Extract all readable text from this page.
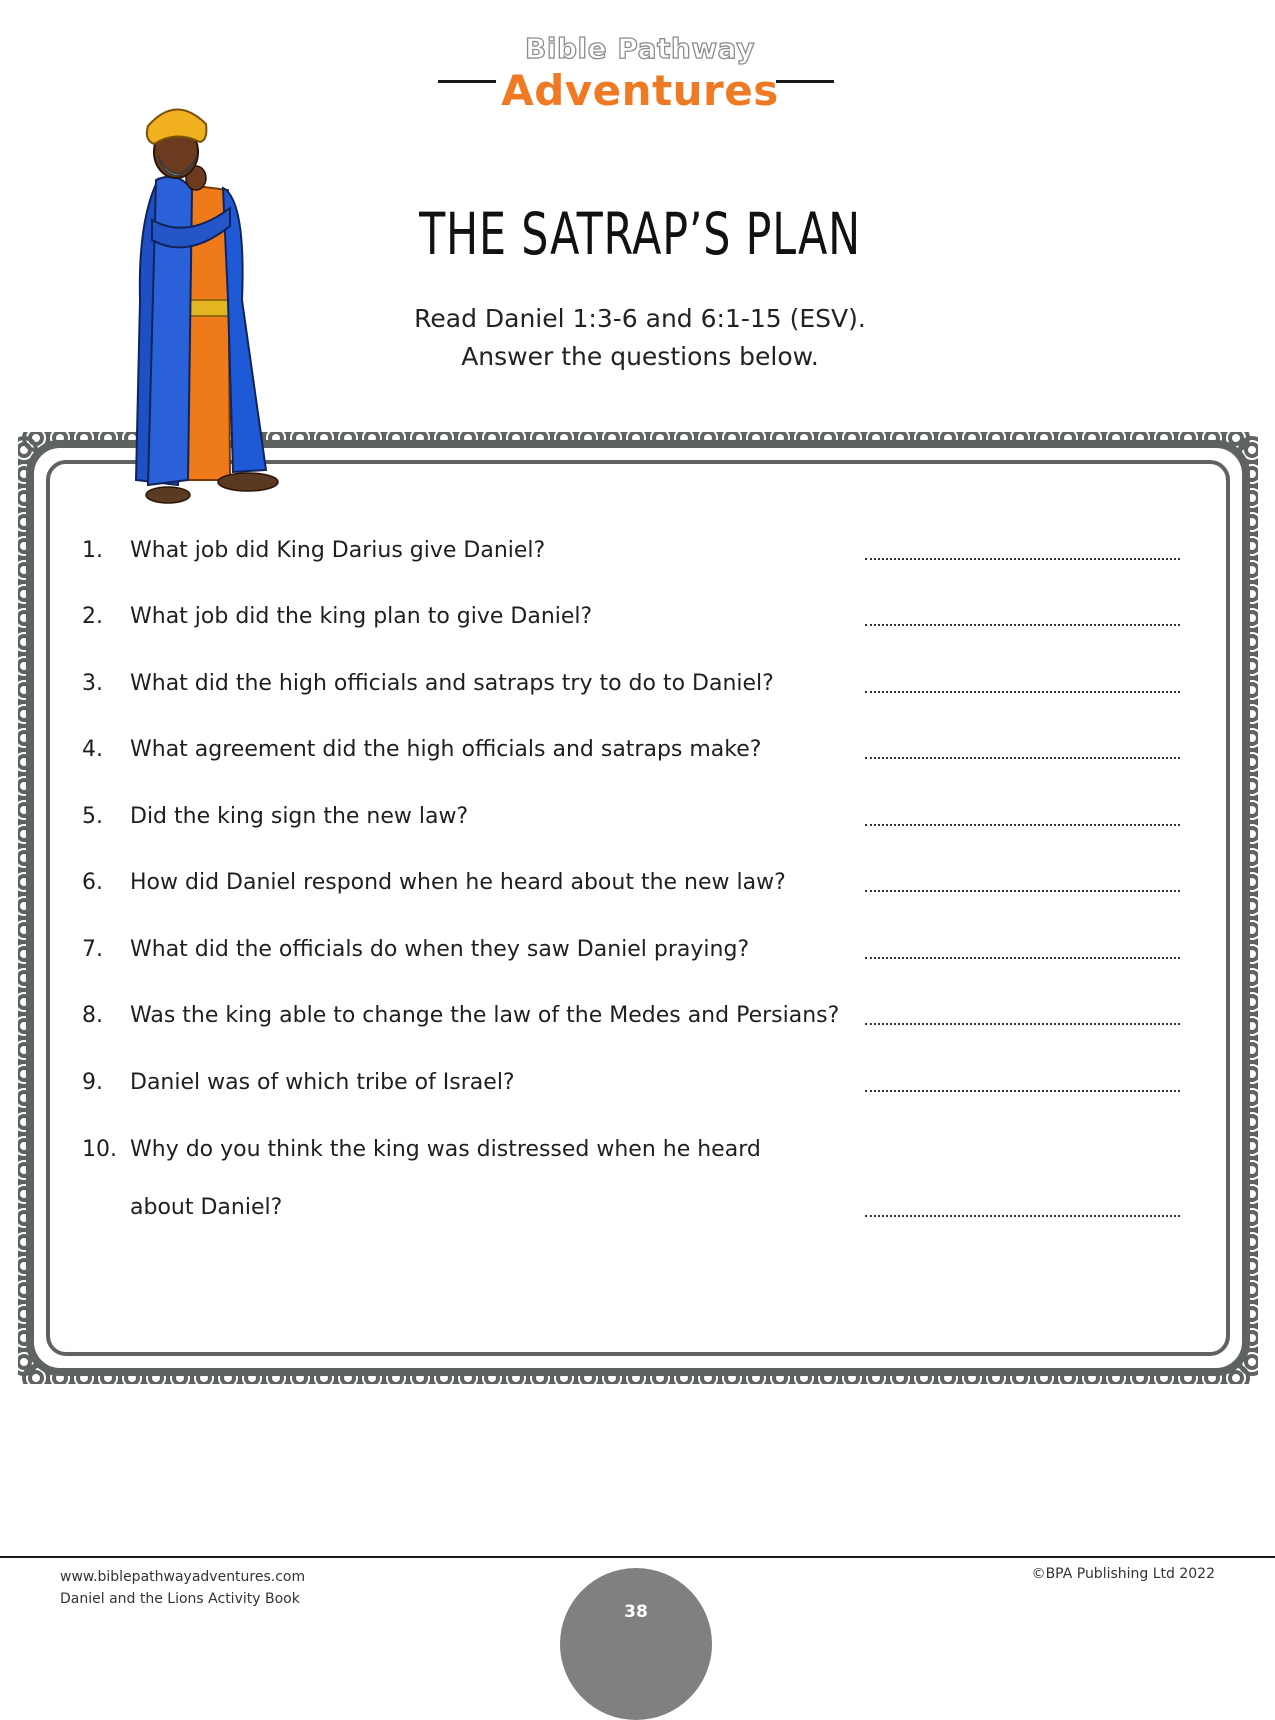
Bible Pathway
Adventures
THE SATRAP’S PLAN
Read Daniel 1:3-6 and 6:1-15 (ESV).
Answer the questions below.
1.	What job did King Darius give Daniel?
2.	What job did the king plan to give Daniel?
3.	What did the high officials and satraps try to do to Daniel?
4.	What agreement did the high officials and satraps make?
5.	Did the king sign the new law?
6.	How did Daniel respond when he heard about the new law?
7.	What did the officials do when they saw Daniel praying?
8.	Was the king able to change the law of the Medes and Persians?
9.	Daniel was of which tribe of Israel?
10. Why do you think the king was distressed when he heard
about Daniel?
www.biblepathwayadventures.com
Daniel and the Lions Activity Book
©BPA Publishing Ltd 2022
38
